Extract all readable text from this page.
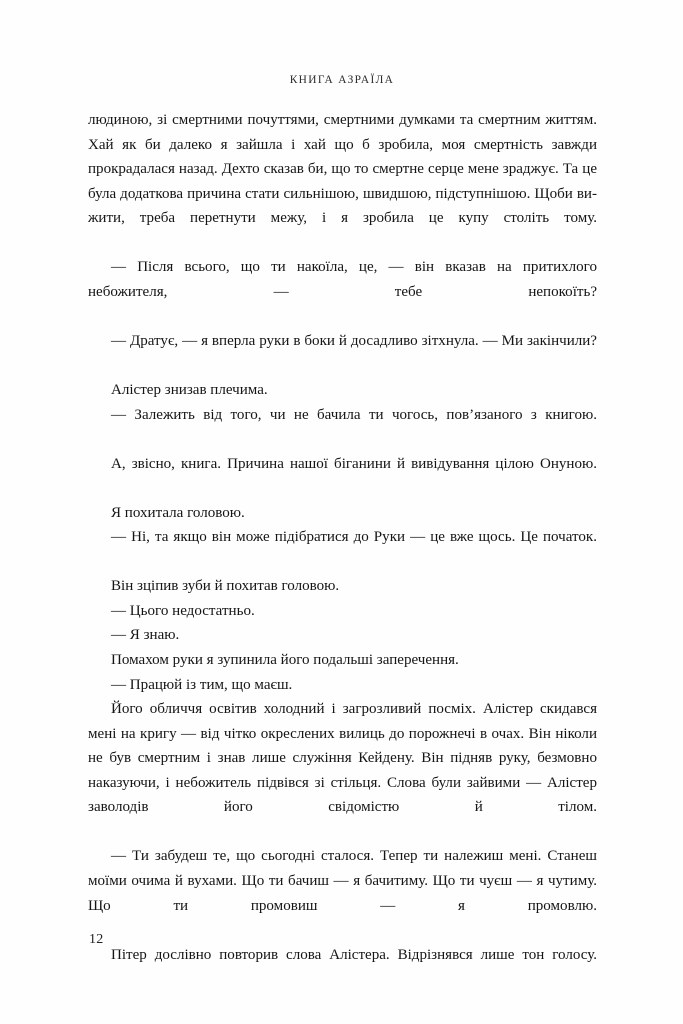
КНИГА АЗРАЇЛА

людиною, зі смертними почуттями, смертними думками та смертним життям. Хай як би далеко я зайшла і хай що б зробила, моя смертність завжди прокрадалася назад. Дехто сказав би, що то смертне серце мене зраджує. Та це була додаткова причина стати сильнішою, швидшою, підступнішою. Щоби вижити, треба перетнути межу, і я зробила це купу століть тому.

— Після всього, що ти накоїла, це, — він вказав на притихлого небожителя, — тебе непокоїть?

— Дратує, — я вперла руки в боки й досадливо зітхнула. — Ми закінчили?

Алістер знизав плечима.

— Залежить від того, чи не бачила ти чогось, пов’язаного з книгою.

А, звісно, книга. Причина нашої біганини й вивідування цілою Онуною.

Я похитала головою.

— Ні, та якщо він може підібратися до Руки — це вже щось. Це початок.

Він зціпив зуби й похитав головою.

— Цього недостатньо.

— Я знаю.

Помахом руки я зупинила його подальші заперечення.

— Працюй із тим, що маєш.

Його обличчя освітив холодний і загрозливий посміх. Алістер скидався мені на кригу — від чітко окреслених вилиць до порожнечі в очах. Він ніколи не був смертним і знав лише служіння Кейдену. Він підняв руку, безмовно наказуючи, і небожитель підвівся зі стільця. Слова були зайвими — Алістер заволодів його свідомістю й тілом.

— Ти забудеш те, що сьогодні сталося. Тепер ти належиш мені. Станеш моїми очима й вухами. Що ти бачиш — я бачитиму. Що ти чуєш — я чутиму. Що ти промовиш — я промовлю.

Пітер дослівно повторив слова Алістера. Відрізнявся лише тон голосу.

12
